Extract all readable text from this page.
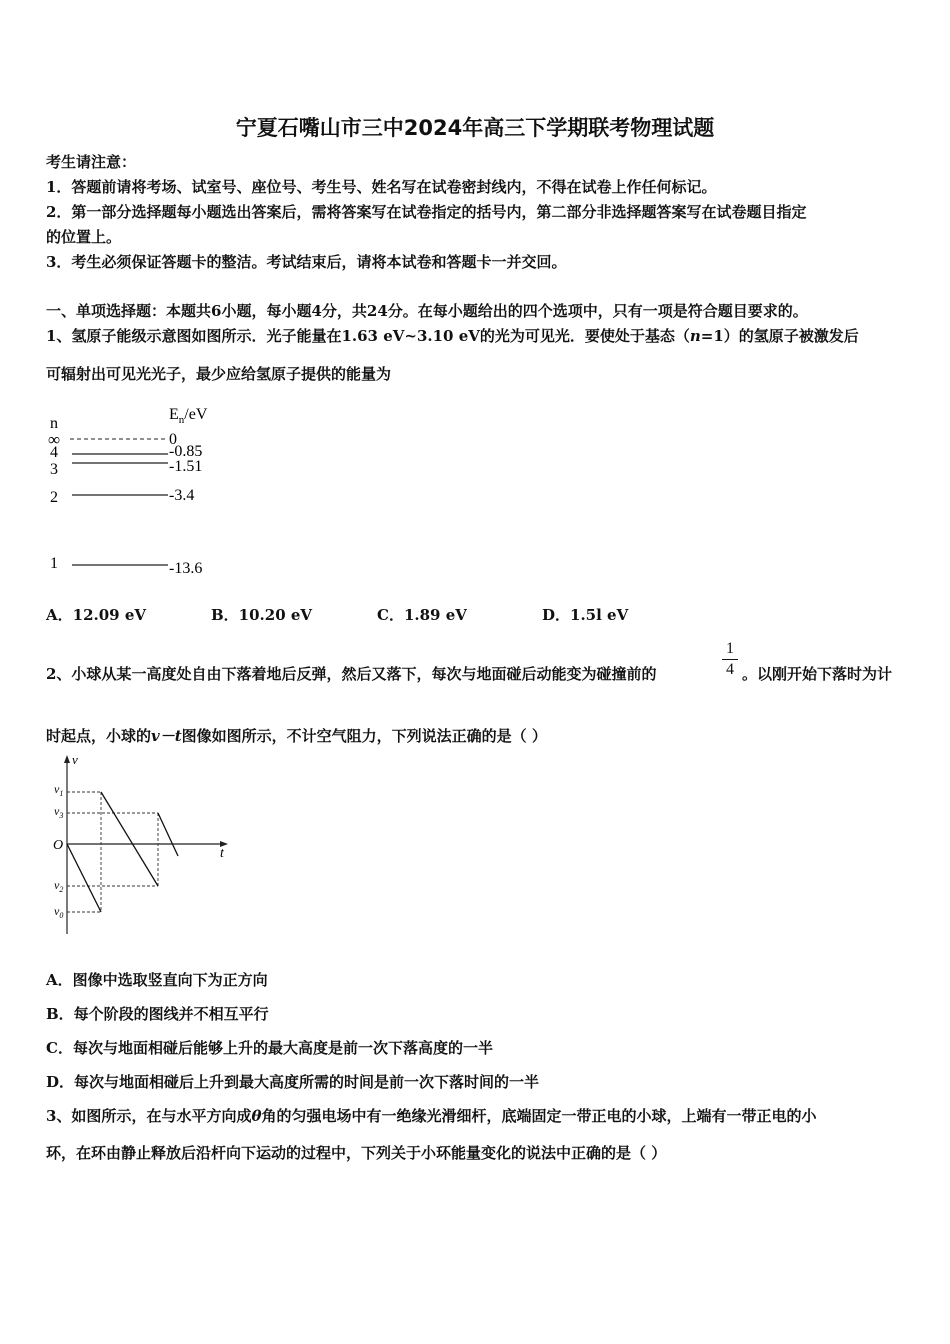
宁夏石嘴山市三中2024年高三下学期联考物理试题
考生请注意：
1．答题前请将考场、试室号、座位号、考生号、姓名写在试卷密封线内，不得在试卷上作任何标记。
2．第一部分选择题每小题选出答案后，需将答案写在试卷指定的括号内，第二部分非选择题答案写在试卷题目指定
的位置上。
3．考生必须保证答题卡的整洁。考试结束后，请将本试卷和答题卡一并交回。
一、单项选择题：本题共6小题，每小题4分，共24分。在每小题给出的四个选项中，只有一项是符合题目要求的。
1、氢原子能级示意图如图所示．光子能量在1.63 eV~3.10 eV的光为可见光．要使处于基态（n=1）的氢原子被激发后
可辐射出可见光光子，最少应给氢原子提供的能量为
n
$E_n/eV$
∞
4
3
2
1
0
-0.85
-1.51
-3.4
-13.6
A．12.09 eV	B．10.20 eV	C．1.89 eV	D．1.5l eV
2、小球从某一高度处自由下落着地后反弹，然后又落下，每次与地面碰后动能变为碰撞前的
1
4 。以刚开始下落时为计
时起点，小球的v－t图像如图所示，不计空气阻力，下列说法正确的是（ ）
v
t
O
$v_1$
$v_3$
$v_2$
$v_0$
A．图像中选取竖直向下为正方向
B．每个阶段的图线并不相互平行
C．每次与地面相碰后能够上升的最大高度是前一次下落高度的一半
D．每次与地面相碰后上升到最大高度所需的时间是前一次下落时间的一半
3、如图所示，在与水平方向成θ角的匀强电场中有一绝缘光滑细杆，底端固定一带正电的小球，上端有一带正电的小
环，在环由静止释放后沿杆向下运动的过程中，下列关于小环能量变化的说法中正确的是（ ）
